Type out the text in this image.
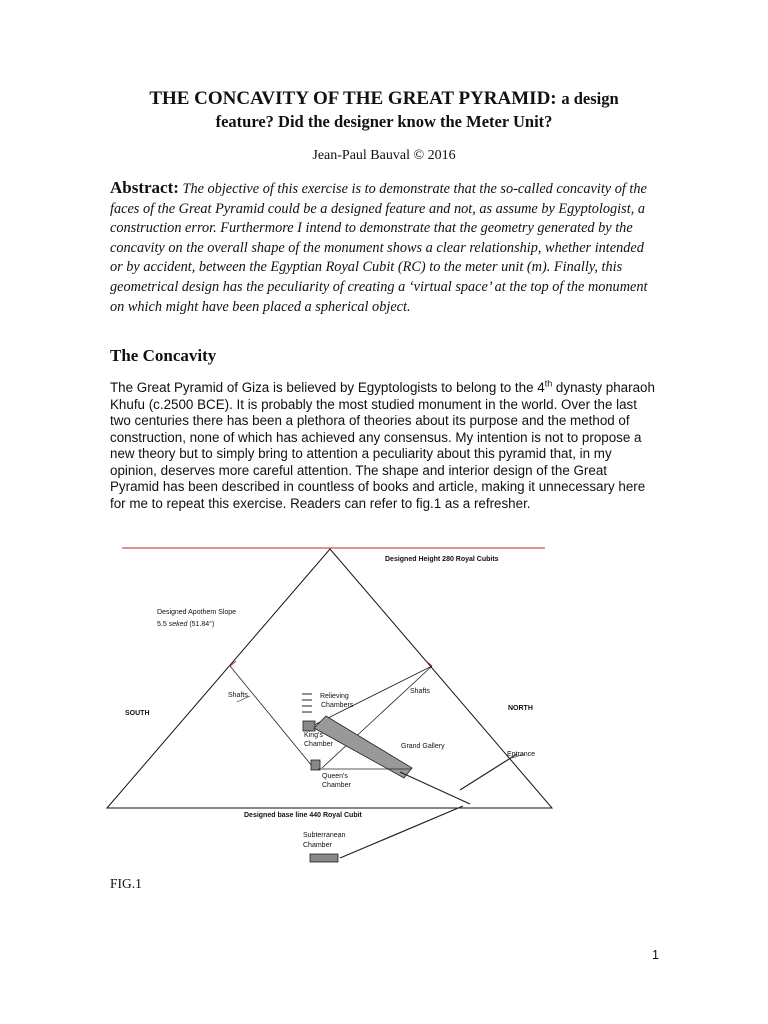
THE CONCAVITY OF THE GREAT PYRAMID: a design
feature? Did the designer know the Meter Unit?
Jean-Paul Bauval © 2016
Abstract: The objective of this exercise is to demonstrate that the so-called concavity of the faces of the Great Pyramid could be a designed feature and not, as assume by Egyptologist, a construction error. Furthermore I intend to demonstrate that the geometry generated by the concavity on the overall shape of the monument shows a clear relationship, whether intended or by accident, between the Egyptian Royal Cubit (RC) to the meter unit (m). Finally, this geometrical design has the peculiarity of creating a ‘virtual space’ at the top of the monument on which might have been placed a spherical object.
The Concavity
The Great Pyramid of Giza is believed by Egyptologists to belong to the 4th dynasty pharaoh Khufu (c.2500 BCE). It is probably the most studied monument in the world. Over the last two centuries there has been a plethora of theories about its purpose and the method of construction, none of which has achieved any consensus. My intention is not to propose a new theory but to simply bring to attention a peculiarity about this pyramid that, in my opinion, deserves more careful attention. The shape and interior design of the Great Pyramid has been described in countless of books and article, making it unnecessary here for me to repeat this exercise. Readers can refer to fig.1 as a refresher.
Designed Height 280 Royal Cubits
Designed Apothem Slope
5.5 seked (51.84°)
Shafts
Shafts
SOUTH
NORTH
Relieving
Chambers
King's
Chamber	Grand Gallery
Entrance
Queen's
Chamber
Designed base line 440 Royal Cubit
Subterranean
Chamber
FIG.1
1
